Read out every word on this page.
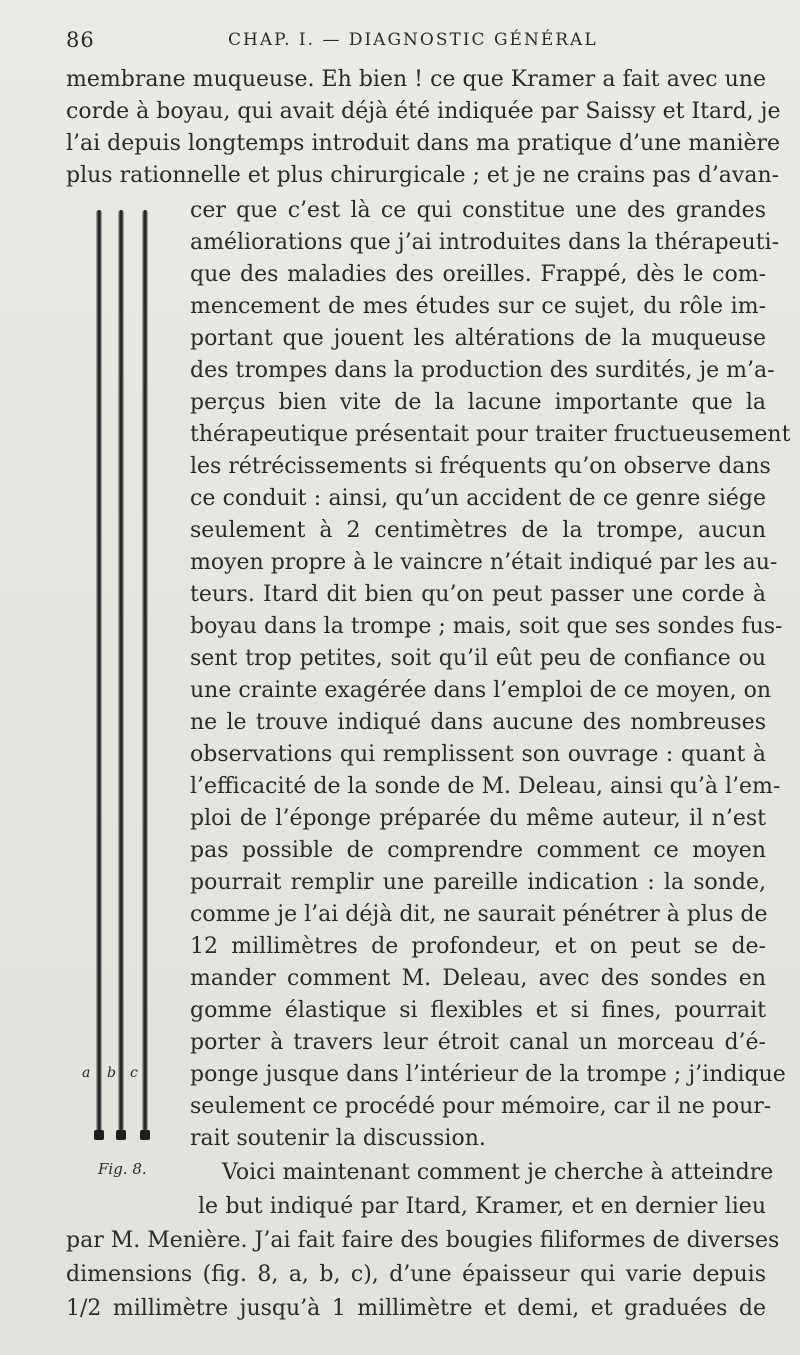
86	CHAP. I. — DIAGNOSTIC GÉNÉRAL
membrane muqueuse. Eh bien ! ce que Kramer a fait avec une
corde à boyau, qui avait déjà été indiquée par Saissy et Itard, je
l’ai depuis longtemps introduit dans ma pratique d’une manière
plus rationnelle et plus chirurgicale ; et je ne crains pas d’avan-
cer que c’est là ce qui constitue une des grandes
améliorations que j’ai introduites dans la thérapeuti-
que des maladies des oreilles. Frappé, dès le com-
mencement de mes études sur ce sujet, du rôle im-
portant que jouent les altérations de la muqueuse
des trompes dans la production des surdités, je m’a-
perçus bien vite de la lacune importante que la
thérapeutique présentait pour traiter fructueusement
les rétrécissements si fréquents qu’on observe dans
ce conduit : ainsi, qu’un accident de ce genre siége
seulement à 2 centimètres de la trompe, aucun
moyen propre à le vaincre n’était indiqué par les au-
teurs. Itard dit bien qu’on peut passer une corde à
boyau dans la trompe ; mais, soit que ses sondes fus-
sent trop petites, soit qu’il eût peu de confiance ou
une crainte exagérée dans l’emploi de ce moyen, on
ne le trouve indiqué dans aucune des nombreuses
observations qui remplissent son ouvrage : quant à
l’efficacité de la sonde de M. Deleau, ainsi qu’à l’em-
ploi de l’éponge préparée du même auteur, il n’est
pas possible de comprendre comment ce moyen
pourrait remplir une pareille indication : la sonde,
comme je l’ai déjà dit, ne saurait pénétrer à plus de
12 millimètres de profondeur, et on peut se de-
mander comment M. Deleau, avec des sondes en
gomme élastique si flexibles et si fines, pourrait
porter à travers leur étroit canal un morceau d’é-
ponge jusque dans l’intérieur de la trompe ; j’indique
seulement ce procédé pour mémoire, car il ne pour-
rait soutenir la discussion.
Voici maintenant comment je cherche à atteindre
le but indiqué par Itard, Kramer, et en dernier lieu
par M. Menière. J’ai fait faire des bougies filiformes de diverses
dimensions (fig. 8, a, b, c), d’une épaisseur qui varie depuis
1/2 millimètre jusqu’à 1 millimètre et demi, et graduées de
a b c
Fig. 8.
